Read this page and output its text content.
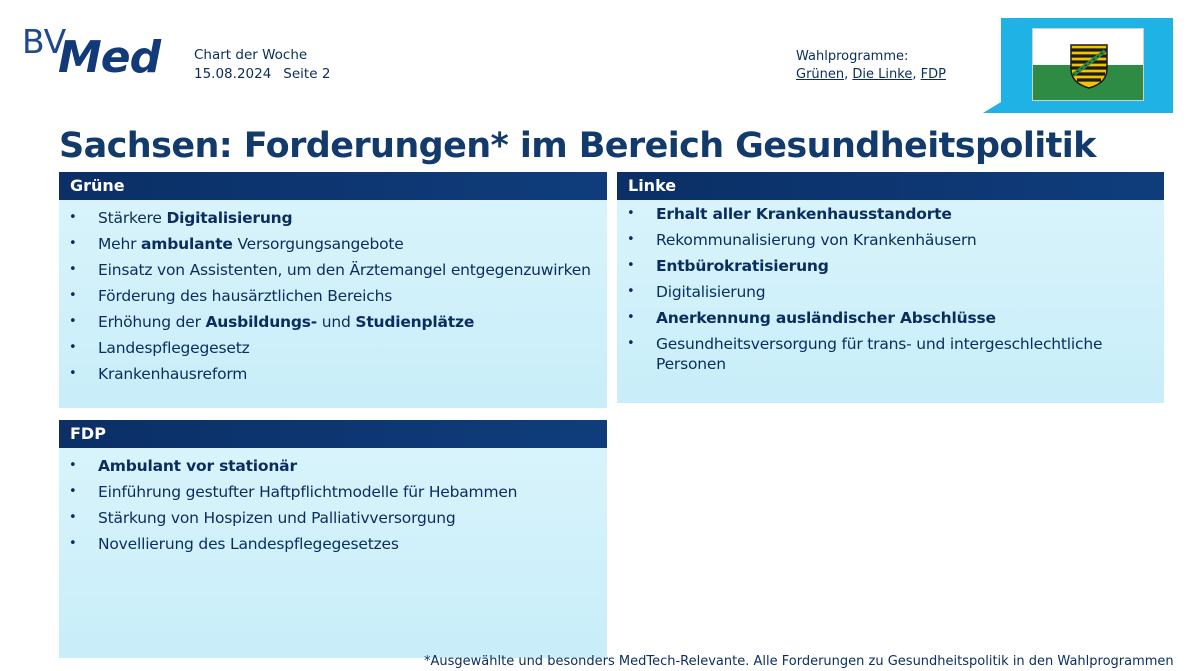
BV
Med	Chart der Woche
15.08.2024 Seite 2
Wahlprogramme:
Grünen, Die Linke, FDP
Sachsen: Forderungen* im Bereich Gesundheitspolitik
Grüne
• Stärkere Digitalisierung
• Mehr ambulante Versorgungsangebote
• Einsatz von Assistenten, um den Ärztemangel entgegenzuwirken
• Förderung des hausärztlichen Bereichs
• Erhöhung der Ausbildungs- und Studienplätze
• Landespflegegesetz
• Krankenhausreform
Linke
• Erhalt aller Krankenhausstandorte
• Rekommunalisierung von Krankenhäusern
• Entbürokratisierung
• Digitalisierung
• Anerkennung ausländischer Abschlüsse
• Gesundheitsversorgung für trans- und intergeschlechtliche Personen
FDP
• Ambulant vor stationär
• Einführung gestufter Haftpflichtmodelle für Hebammen
• Stärkung von Hospizen und Palliativversorgung
• Novellierung des Landespflegegesetzes
*Ausgewählte und besonders MedTech-Relevante. Alle Forderungen zu Gesundheitspolitik in den Wahlprogrammen
